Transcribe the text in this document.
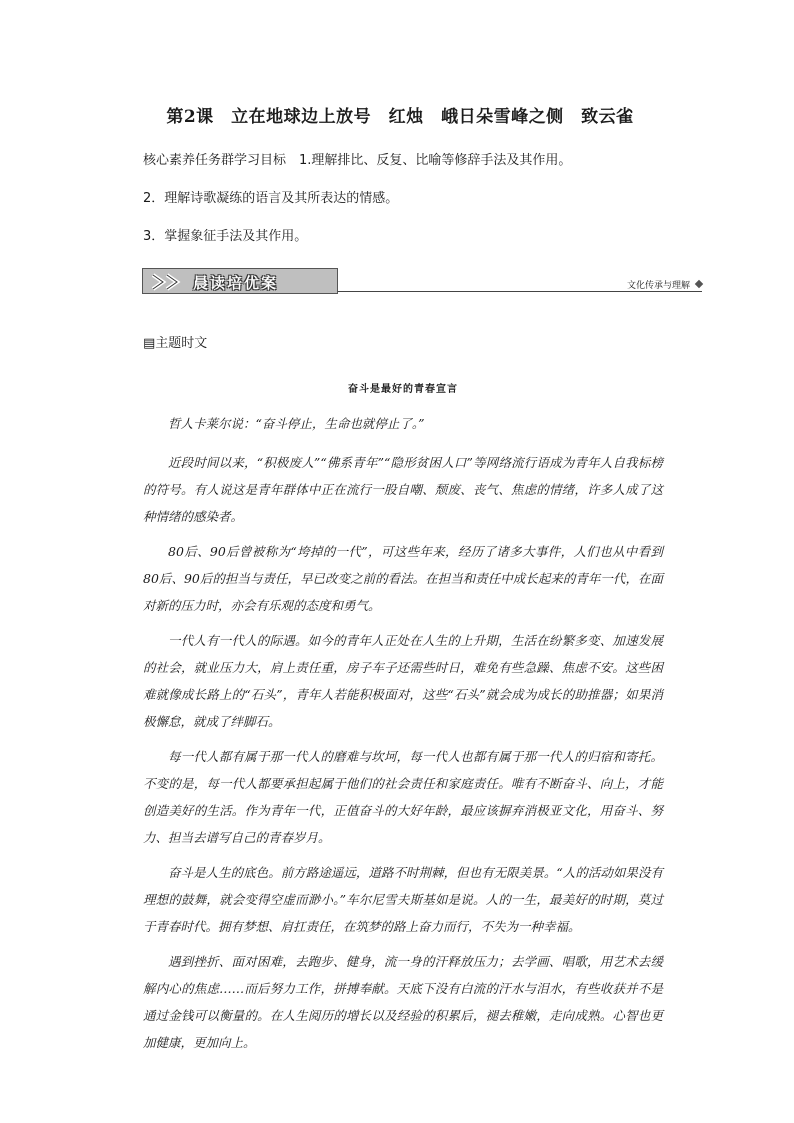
第2课　立在地球边上放号　红烛　峨日朵雪峰之侧　致云雀
核心素养任务群学习目标　1.理解排比、反复、比喻等修辞手法及其作用。
2．理解诗歌凝练的语言及其所表达的情感。
3．掌握象征手法及其作用。
晨读培优案	文化传承与理解
▤主题时文
奋斗是最好的青春宣言

哲人卡莱尔说：“奋斗停止，生命也就停止了。”

近段时间以来，“积极废人”“佛系青年”“隐形贫困人口”等网络流行语成为青年人自我标榜的符号。有人说这是青年群体中正在流行一股自嘲、颓废、丧气、焦虑的情绪，许多人成了这种情绪的感染者。

80后、90后曾被称为“垮掉的一代”，可这些年来，经历了诸多大事件，人们也从中看到80后、90后的担当与责任，早已改变之前的看法。在担当和责任中成长起来的青年一代，在面对新的压力时，亦会有乐观的态度和勇气。

一代人有一代人的际遇。如今的青年人正处在人生的上升期，生活在纷繁多变、加速发展的社会，就业压力大，肩上责任重，房子车子还需些时日，难免有些急躁、焦虑不安。这些困难就像成长路上的“石头”，青年人若能积极面对，这些“石头”就会成为成长的助推器；如果消极懈怠，就成了绊脚石。

每一代人都有属于那一代人的磨难与坎坷，每一代人也都有属于那一代人的归宿和寄托。不变的是，每一代人都要承担起属于他们的社会责任和家庭责任。唯有不断奋斗、向上，才能创造美好的生活。作为青年一代，正值奋斗的大好年龄，最应该摒弃消极亚文化，用奋斗、努力、担当去谱写自己的青春岁月。

奋斗是人生的底色。前方路途遥远，道路不时荆棘，但也有无限美景。“人的活动如果没有理想的鼓舞，就会变得空虚而渺小。”车尔尼雪夫斯基如是说。人的一生，最美好的时期，莫过于青春时代。拥有梦想、肩扛责任，在筑梦的路上奋力而行，不失为一种幸福。

遇到挫折、面对困难，去跑步、健身，流一身的汗释放压力；去学画、唱歌，用艺术去缓解内心的焦虑……而后努力工作，拼搏奉献。天底下没有白流的汗水与泪水，有些收获并不是通过金钱可以衡量的。在人生阅历的增长以及经验的积累后，褪去稚嫩，走向成熟。心智也更加健康，更加向上。
